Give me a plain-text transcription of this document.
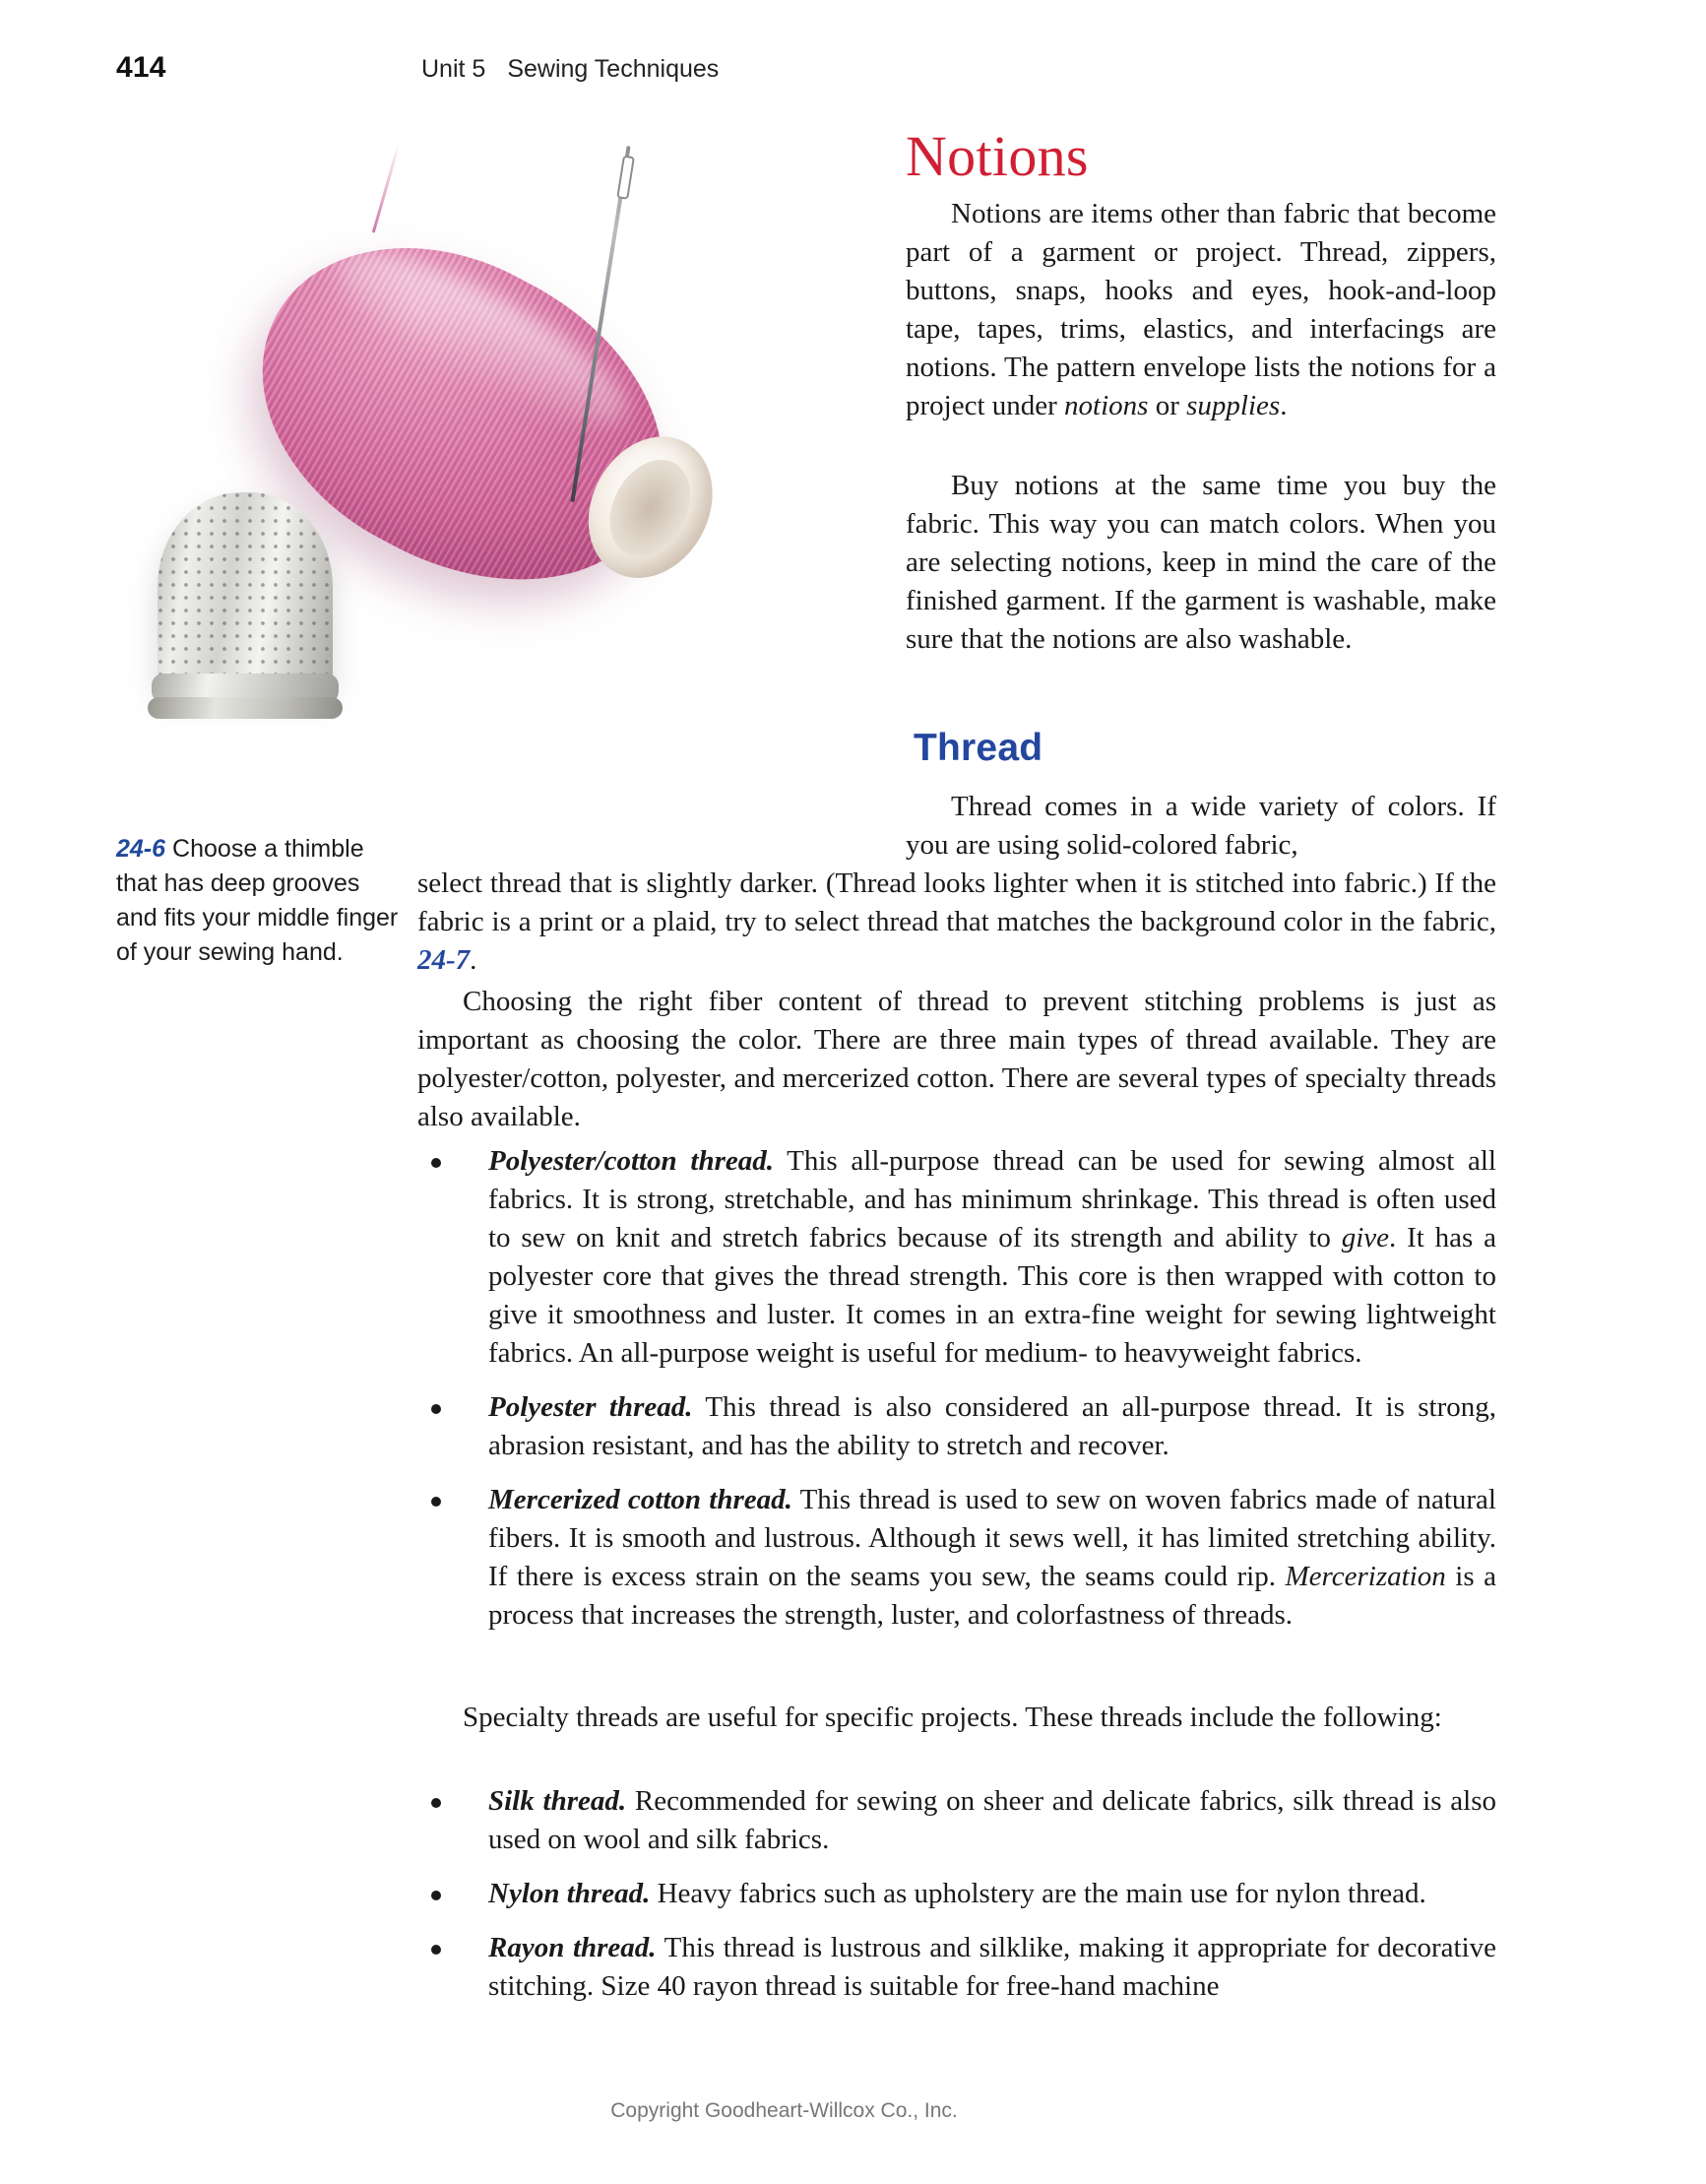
414	Unit 5 Sewing Techniques
24-6 Choose a thimble that has deep grooves and fits your middle finger of your sewing hand.
Notions
Notions are items other than fabric that become part of a garment or project. Thread, zippers, buttons, snaps, hooks and eyes, hook-and-loop tape, tapes, trims, elastics, and interfacings are notions. The pattern envelope lists the notions for a project under notions or supplies.
Buy notions at the same time you buy the fabric. This way you can match colors. When you are selecting notions, keep in mind the care of the finished garment. If the garment is washable, make sure that the notions are also washable.
Thread
Thread comes in a wide variety of colors. If you are using solid-colored fabric,
select thread that is slightly darker. (Thread looks lighter when it is stitched into fabric.) If the fabric is a print or a plaid, try to select thread that matches the background color in the fabric, 24-7.
Choosing the right fiber content of thread to prevent stitching problems is just as important as choosing the color. There are three main types of thread available. They are polyester/cotton, polyester, and mercerized cotton. There are several types of specialty threads also available.
Polyester/cotton thread. This all-purpose thread can be used for sewing almost all fabrics. It is strong, stretchable, and has minimum shrinkage. This thread is often used to sew on knit and stretch fabrics because of its strength and ability to give. It has a polyester core that gives the thread strength. This core is then wrapped with cotton to give it smoothness and luster. It comes in an extra-fine weight for sewing lightweight fabrics. An all-purpose weight is useful for medium- to heavyweight fabrics.
Polyester thread. This thread is also considered an all-purpose thread. It is strong, abrasion resistant, and has the ability to stretch and recover.
Mercerized cotton thread. This thread is used to sew on woven fabrics made of natural fibers. It is smooth and lustrous. Although it sews well, it has limited stretching ability. If there is excess strain on the seams you sew, the seams could rip. Mercerization is a process that increases the strength, luster, and colorfastness of threads.
Specialty threads are useful for specific projects. These threads include the following:
Silk thread. Recommended for sewing on sheer and delicate fabrics, silk thread is also used on wool and silk fabrics.
Nylon thread. Heavy fabrics such as upholstery are the main use for nylon thread.
Rayon thread. This thread is lustrous and silklike, making it appropriate for decorative stitching. Size 40 rayon thread is suitable for free-hand machine
Copyright Goodheart-Willcox Co., Inc.
